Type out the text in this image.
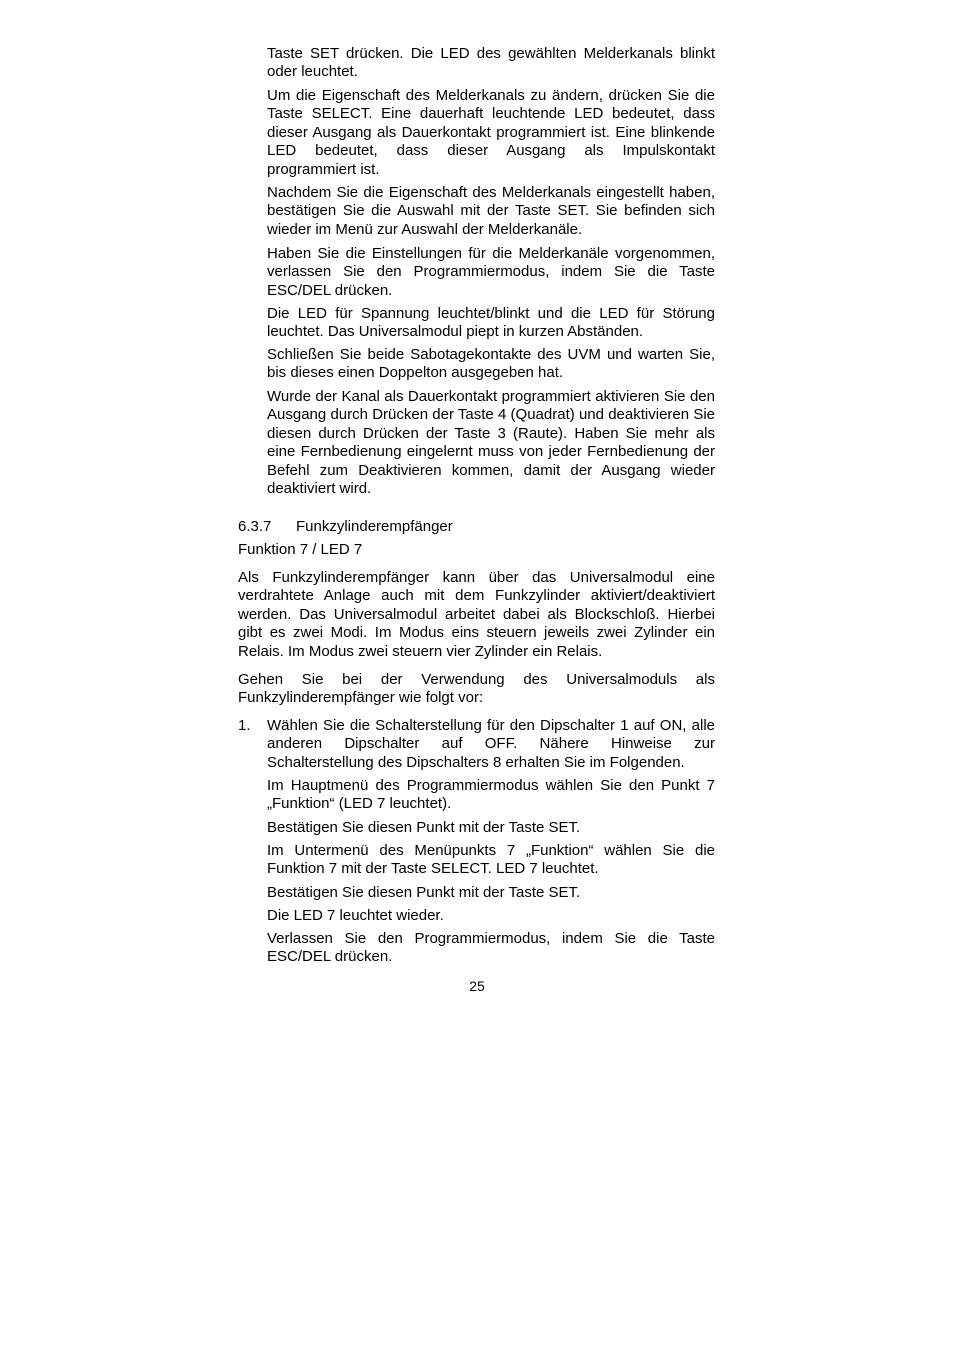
Taste SET drücken. Die LED des gewählten Melderkanals blinkt oder leuchtet.

Um die Eigenschaft des Melderkanals zu ändern, drücken Sie die Taste SELECT. Eine dauerhaft leuchtende LED bedeutet, dass dieser Ausgang als Dauerkontakt programmiert ist. Eine blinkende LED bedeutet, dass dieser Ausgang als Impulskontakt programmiert ist.

Nachdem Sie die Eigenschaft des Melderkanals eingestellt haben, bestätigen Sie die Auswahl mit der Taste SET. Sie befinden sich wieder im Menü zur Auswahl der Melderkanäle.

Haben Sie die Einstellungen für die Melderkanäle vorgenommen, verlassen Sie den Programmiermodus, indem Sie die Taste ESC/DEL drücken.

Die LED für Spannung leuchtet/blinkt und die LED für Störung leuchtet. Das Universalmodul piept in kurzen Abständen.

Schließen Sie beide Sabotagekontakte des UVM und warten Sie, bis dieses einen Doppelton ausgegeben hat.

Wurde der Kanal als Dauerkontakt programmiert aktivieren Sie den Ausgang durch Drücken der Taste 4 (Quadrat) und deaktivieren Sie diesen durch Drücken der Taste 3 (Raute). Haben Sie mehr als eine Fernbedienung eingelernt muss von jeder Fernbedienung der Befehl zum Deaktivieren kommen, damit der Ausgang wieder deaktiviert wird.

6.3.7 Funkzylinderempfänger
Funktion 7 / LED 7

Als Funkzylinderempfänger kann über das Universalmodul eine verdrahtete Anlage auch mit dem Funkzylinder aktiviert/deaktiviert werden. Das Universalmodul arbeitet dabei als Blockschloß. Hierbei gibt es zwei Modi. Im Modus eins steuern jeweils zwei Zylinder ein Relais. Im Modus zwei steuern vier Zylinder ein Relais.

Gehen Sie bei der Verwendung des Universalmoduls als Funkzylinderempfänger wie folgt vor:

1.	Wählen Sie die Schalterstellung für den Dipschalter 1 auf ON, alle anderen Dipschalter auf OFF. Nähere Hinweise zur Schalterstellung des Dipschalters 8 erhalten Sie im Folgenden.

Im Hauptmenü des Programmiermodus wählen Sie den Punkt 7 „Funktion“ (LED 7 leuchtet).

Bestätigen Sie diesen Punkt mit der Taste SET.

Im Untermenü des Menüpunkts 7 „Funktion“ wählen Sie die Funktion 7 mit der Taste SELECT. LED 7 leuchtet.

Bestätigen Sie diesen Punkt mit der Taste SET.

Die LED 7 leuchtet wieder.

Verlassen Sie den Programmiermodus, indem Sie die Taste ESC/DEL drücken.

25
